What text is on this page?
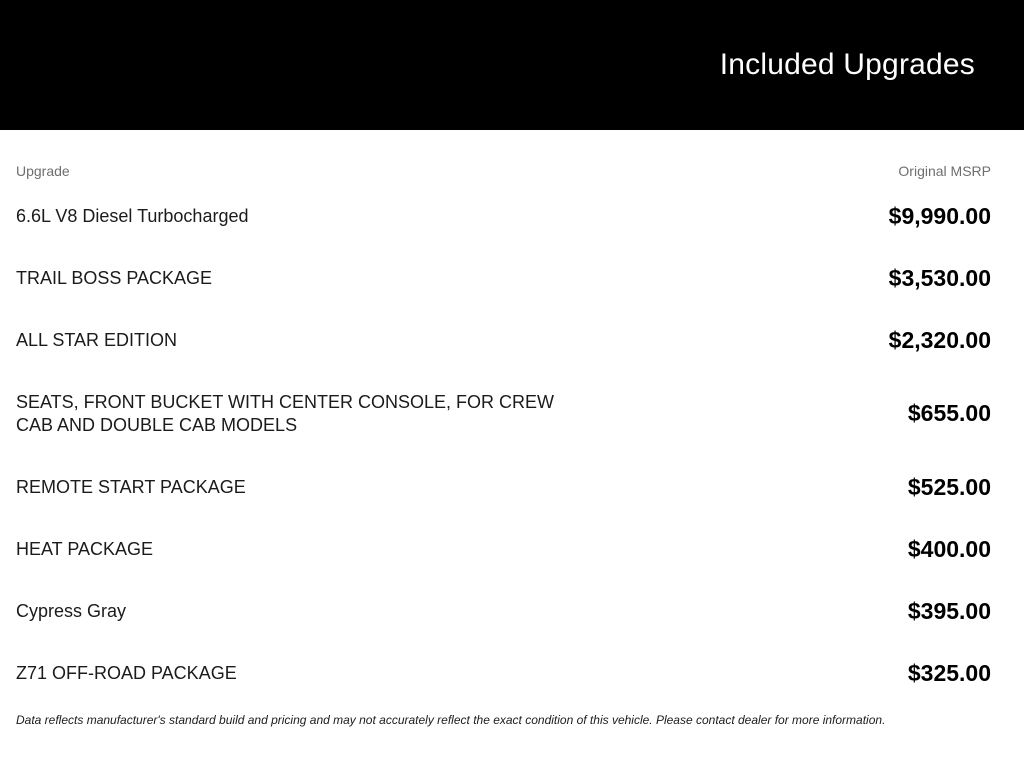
Included Upgrades
Upgrade	Original MSRP
6.6L V8 Diesel Turbocharged	$9,990.00
TRAIL BOSS PACKAGE	$3,530.00
ALL STAR EDITION	$2,320.00
SEATS, FRONT BUCKET WITH CENTER CONSOLE, FOR CREW CAB AND DOUBLE CAB MODELS	$655.00
REMOTE START PACKAGE	$525.00
HEAT PACKAGE	$400.00
Cypress Gray	$395.00
Z71 OFF-ROAD PACKAGE	$325.00
Data reflects manufacturer's standard build and pricing and may not accurately reflect the exact condition of this vehicle. Please contact dealer for more information.
